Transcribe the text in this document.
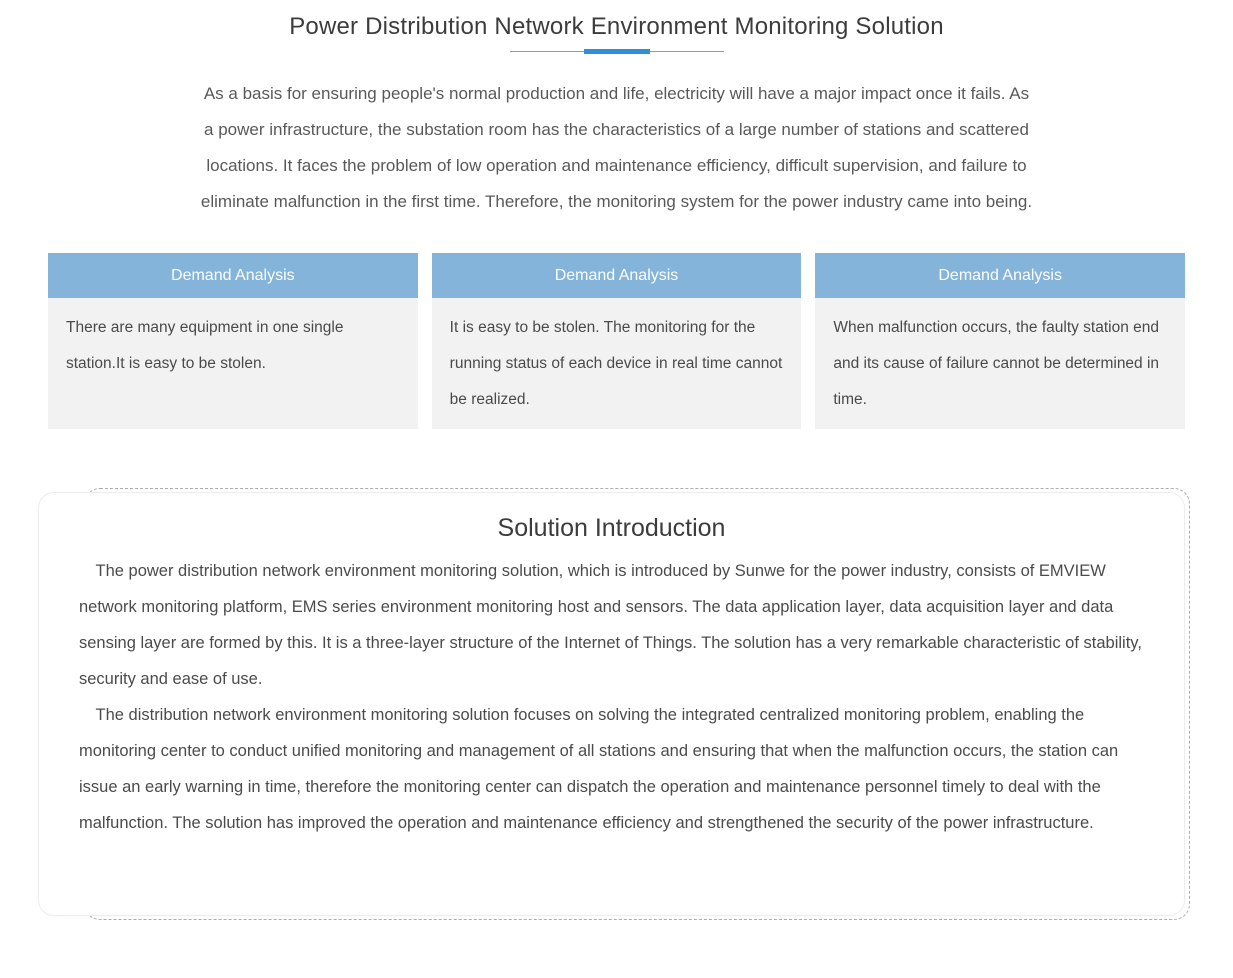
Power Distribution Network Environment Monitoring Solution

As a basis for ensuring people's normal production and life, electricity will have a major impact once it fails. As a power infrastructure, the substation room has the characteristics of a large number of stations and scattered locations. It faces the problem of low operation and maintenance efficiency, difficult supervision, and failure to eliminate malfunction in the first time. Therefore, the monitoring system for the power industry came into being.

Demand Analysis
There are many equipment in one single station.It is easy to be stolen.
Demand Analysis
It is easy to be stolen. The monitoring for the running status of each device in real time cannot be realized.
Demand Analysis
When malfunction occurs, the faulty station end and its cause of failure cannot be determined in time.
Solution Introduction

The power distribution network environment monitoring solution, which is introduced by Sunwe for the power industry, consists of EMVIEW network monitoring platform, EMS series environment monitoring host and sensors. The data application layer, data acquisition layer and data sensing layer are formed by this. It is a three-layer structure of the Internet of Things. The solution has a very remarkable characteristic of stability, security and ease of use.

The distribution network environment monitoring solution focuses on solving the integrated centralized monitoring problem, enabling the monitoring center to conduct unified monitoring and management of all stations and ensuring that when the malfunction occurs, the station can issue an early warning in time, therefore the monitoring center can dispatch the operation and maintenance personnel timely to deal with the malfunction. The solution has improved the operation and maintenance efficiency and strengthened the security of the power infrastructure.
